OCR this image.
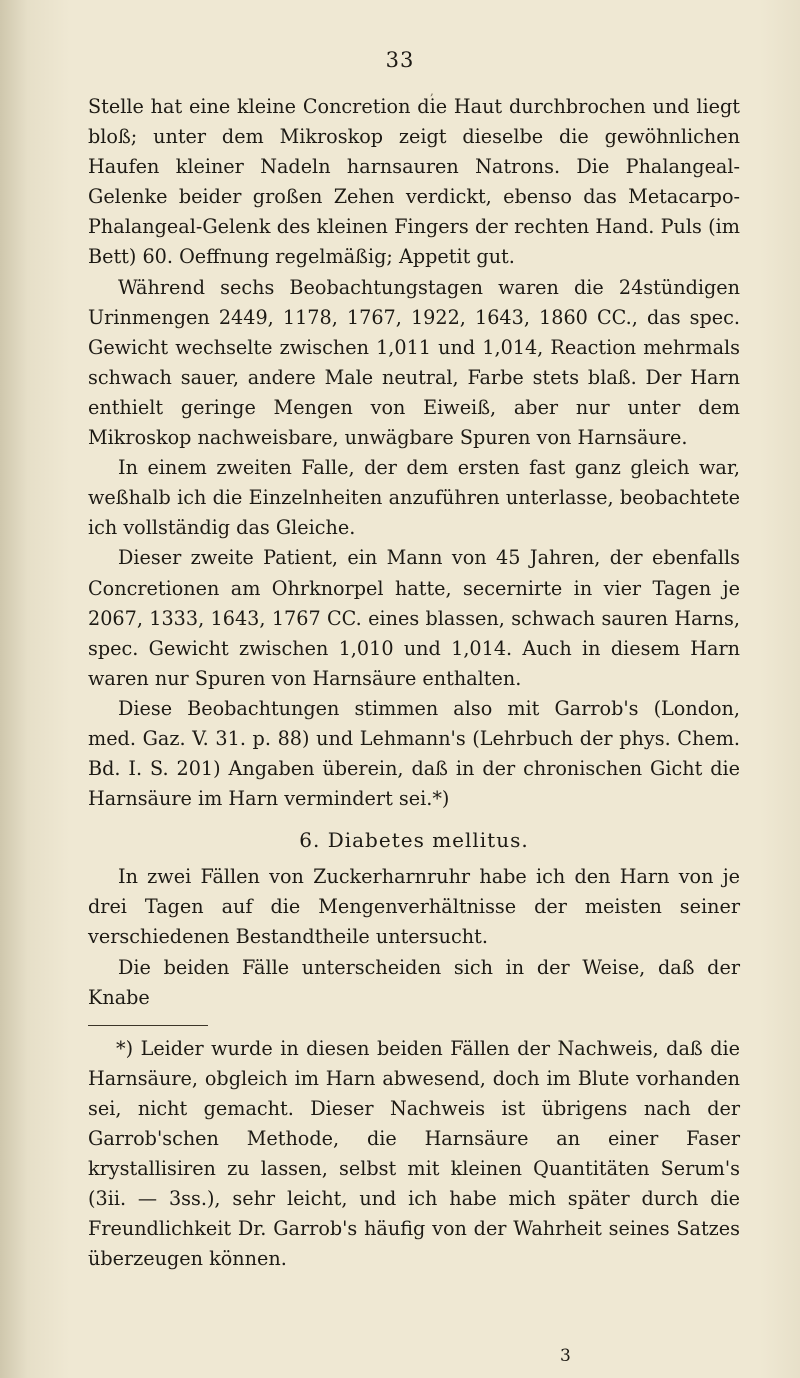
,
33

Stelle hat eine kleine Concretion die Haut durchbrochen und liegt bloß; unter dem Mikroskop zeigt dieselbe die gewöhnlichen Haufen kleiner Nadeln harnsauren Natrons. Die Phalangeal-Gelenke beider großen Zehen verdickt, ebenso das Metacarpo-Phalangeal-Gelenk des kleinen Fingers der rechten Hand. Puls (im Bett) 60. Oeffnung regelmäßig; Appetit gut.

Während sechs Beobachtungstagen waren die 24stündigen Urinmengen 2449, 1178, 1767, 1922, 1643, 1860 CC., das spec. Gewicht wechselte zwischen 1,011 und 1,014, Reaction mehrmals schwach sauer, andere Male neutral, Farbe stets blaß. Der Harn enthielt geringe Mengen von Eiweiß, aber nur unter dem Mikroskop nachweisbare, unwägbare Spuren von Harnsäure.

In einem zweiten Falle, der dem ersten fast ganz gleich war, weßhalb ich die Einzelnheiten anzuführen unterlasse, beobachtete ich vollständig das Gleiche.

Dieser zweite Patient, ein Mann von 45 Jahren, der ebenfalls Concretionen am Ohrknorpel hatte, secernirte in vier Tagen je 2067, 1333, 1643, 1767 CC. eines blassen, schwach sauren Harns, spec. Gewicht zwischen 1,010 und 1,014. Auch in diesem Harn waren nur Spuren von Harnsäure enthalten.

Diese Beobachtungen stimmen also mit Garrob's (London, med. Gaz. V. 31. p. 88) und Lehmann's (Lehrbuch der phys. Chem. Bd. I. S. 201) Angaben überein, daß in der chronischen Gicht die Harnsäure im Harn vermindert sei.*)

6. Diabetes mellitus.

In zwei Fällen von Zuckerharnruhr habe ich den Harn von je drei Tagen auf die Mengenverhältnisse der meisten seiner verschiedenen Bestandtheile untersucht.

Die beiden Fälle unterscheiden sich in der Weise, daß der Knabe

*) Leider wurde in diesen beiden Fällen der Nachweis, daß die Harnsäure, obgleich im Harn abwesend, doch im Blute vorhanden sei, nicht gemacht. Dieser Nachweis ist übrigens nach der Garrob'schen Methode, die Harnsäure an einer Faser krystallisiren zu lassen, selbst mit kleinen Quantitäten Serum's (3ii. — 3ss.), sehr leicht, und ich habe mich später durch die Freundlichkeit Dr. Garrob's häufig von der Wahrheit seines Satzes überzeugen können.

3
